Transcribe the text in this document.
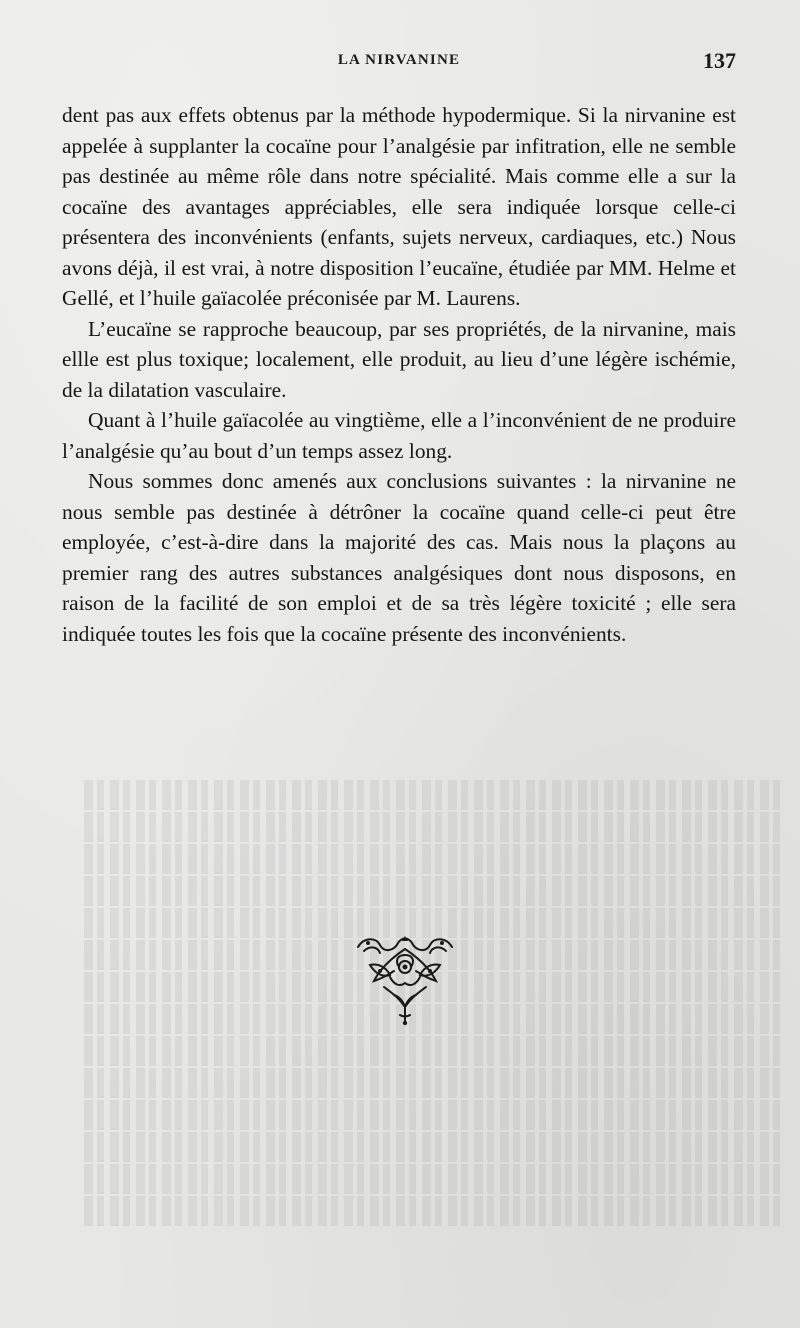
LA NIRVANINE	137

dent pas aux effets obtenus par la méthode hypodermique. Si la nirvanine est appelée à supplanter la cocaïne pour l’analgésie par infitration, elle ne semble pas destinée au même rôle dans notre spécialité. Mais comme elle a sur la cocaïne des avantages appréciables, elle sera indiquée lorsque celle-ci présentera des inconvénients (enfants, sujets nerveux, cardiaques, etc.) Nous avons déjà, il est vrai, à notre disposition l’eucaïne, étudiée par MM. Helme et Gellé, et l’huile gaïacolée préconisée par M. Laurens.

L’eucaïne se rapproche beaucoup, par ses propriétés, de la nirvanine, mais ellle est plus toxique; localement, elle produit, au lieu d’une légère ischémie, de la dilatation vasculaire.

Quant à l’huile gaïacolée au vingtième, elle a l’inconvénient de ne produire l’analgésie qu’au bout d’un temps assez long.

Nous sommes donc amenés aux conclusions suivantes : la nirvanine ne nous semble pas destinée à détrôner la cocaïne quand celle-ci peut être employée, c’est-à-dire dans la majorité des cas. Mais nous la plaçons au premier rang des autres substances analgésiques dont nous disposons, en raison de la facilité de son emploi et de sa très légère toxicité ; elle sera indiquée toutes les fois que la cocaïne présente des inconvénients.
